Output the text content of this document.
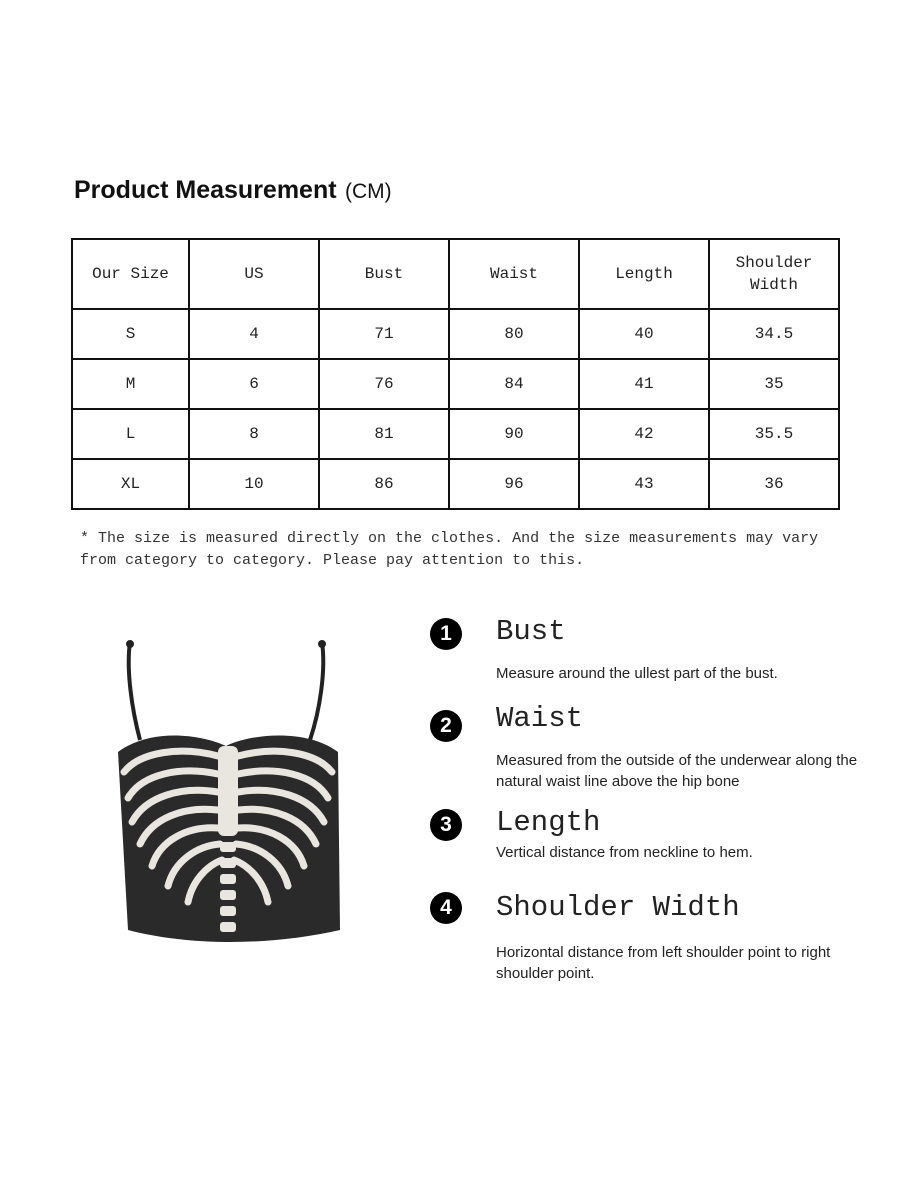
Product Measurement (CM)
Our Size	US	Bust	Waist	Length	Shoulder
Width
S	4	71	80	40	34.5
M	6	76	84	41	35
L	8	81	90	42	35.5
XL	10	86	96	43	36
* The size is measured directly on the clothes. And the size measurements may vary from category to category. Please pay attention to this.
1	Bust
Measure around the ullest part of the bust.
2	Waist
Measured from the outside of the underwear along the natural waist line above the hip bone
3	Length
Vertical distance from neckline to hem.
4	Shoulder Width
Horizontal distance from left shoulder point to right shoulder point.
